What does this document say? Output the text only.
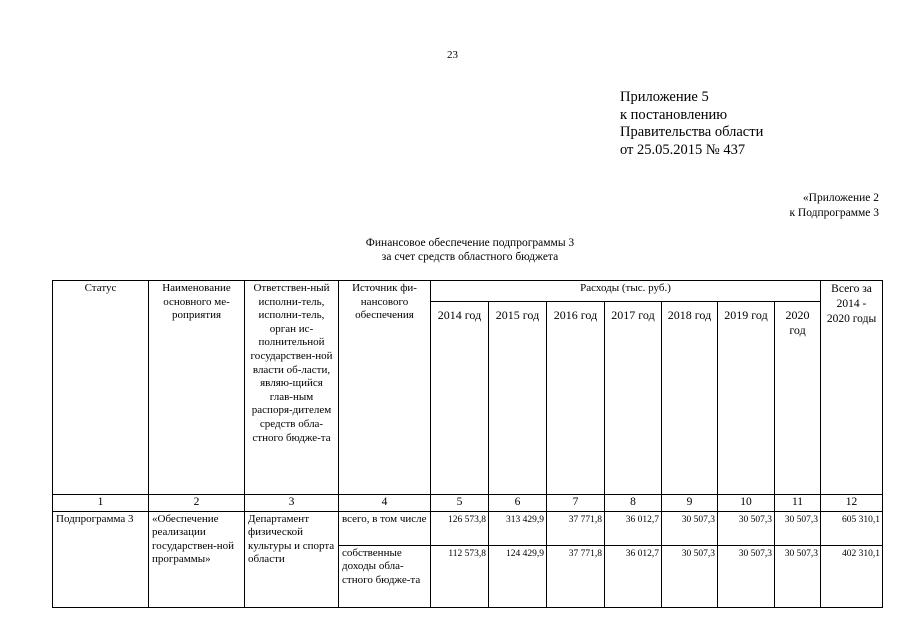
23
Приложение 5
к постановлению
Правительства области
от 25.05.2015 № 437
«Приложение 2
к Подпрограмме 3
Финансовое обеспечение подпрограммы 3
за счет средств областного бюджета
Статус	Наименование основного ме-роприятия	Ответствен-ный исполни-тель, исполни-тель, орган ис-полнительной государствен-ной власти об-ласти, являю-щийся глав-ным распоря-дителем средств обла-стного бюдже-та	Источник фи-нансового обеспечения	Расходы (тыс. руб.)							Всего за 2014 - 2020 годы
				2014 год	2015 год	2016 год	2017 год	2018 год	2019 год	2020 год	
1	2	3	4	5	6	7	8	9	10	11	12
Подпрограмма 3	«Обеспечение реализации государствен-ной программы»	Департамент физической культуры и спорта области	всего, в том числе	126 573,8	313 429,9	37 771,8	36 012,7	30 507,3	30 507,3	30 507,3	605 310,1
			собственные доходы обла-стного бюдже-та	112 573,8	124 429,9	37 771,8	36 012,7	30 507,3	30 507,3	30 507,3	402 310,1
